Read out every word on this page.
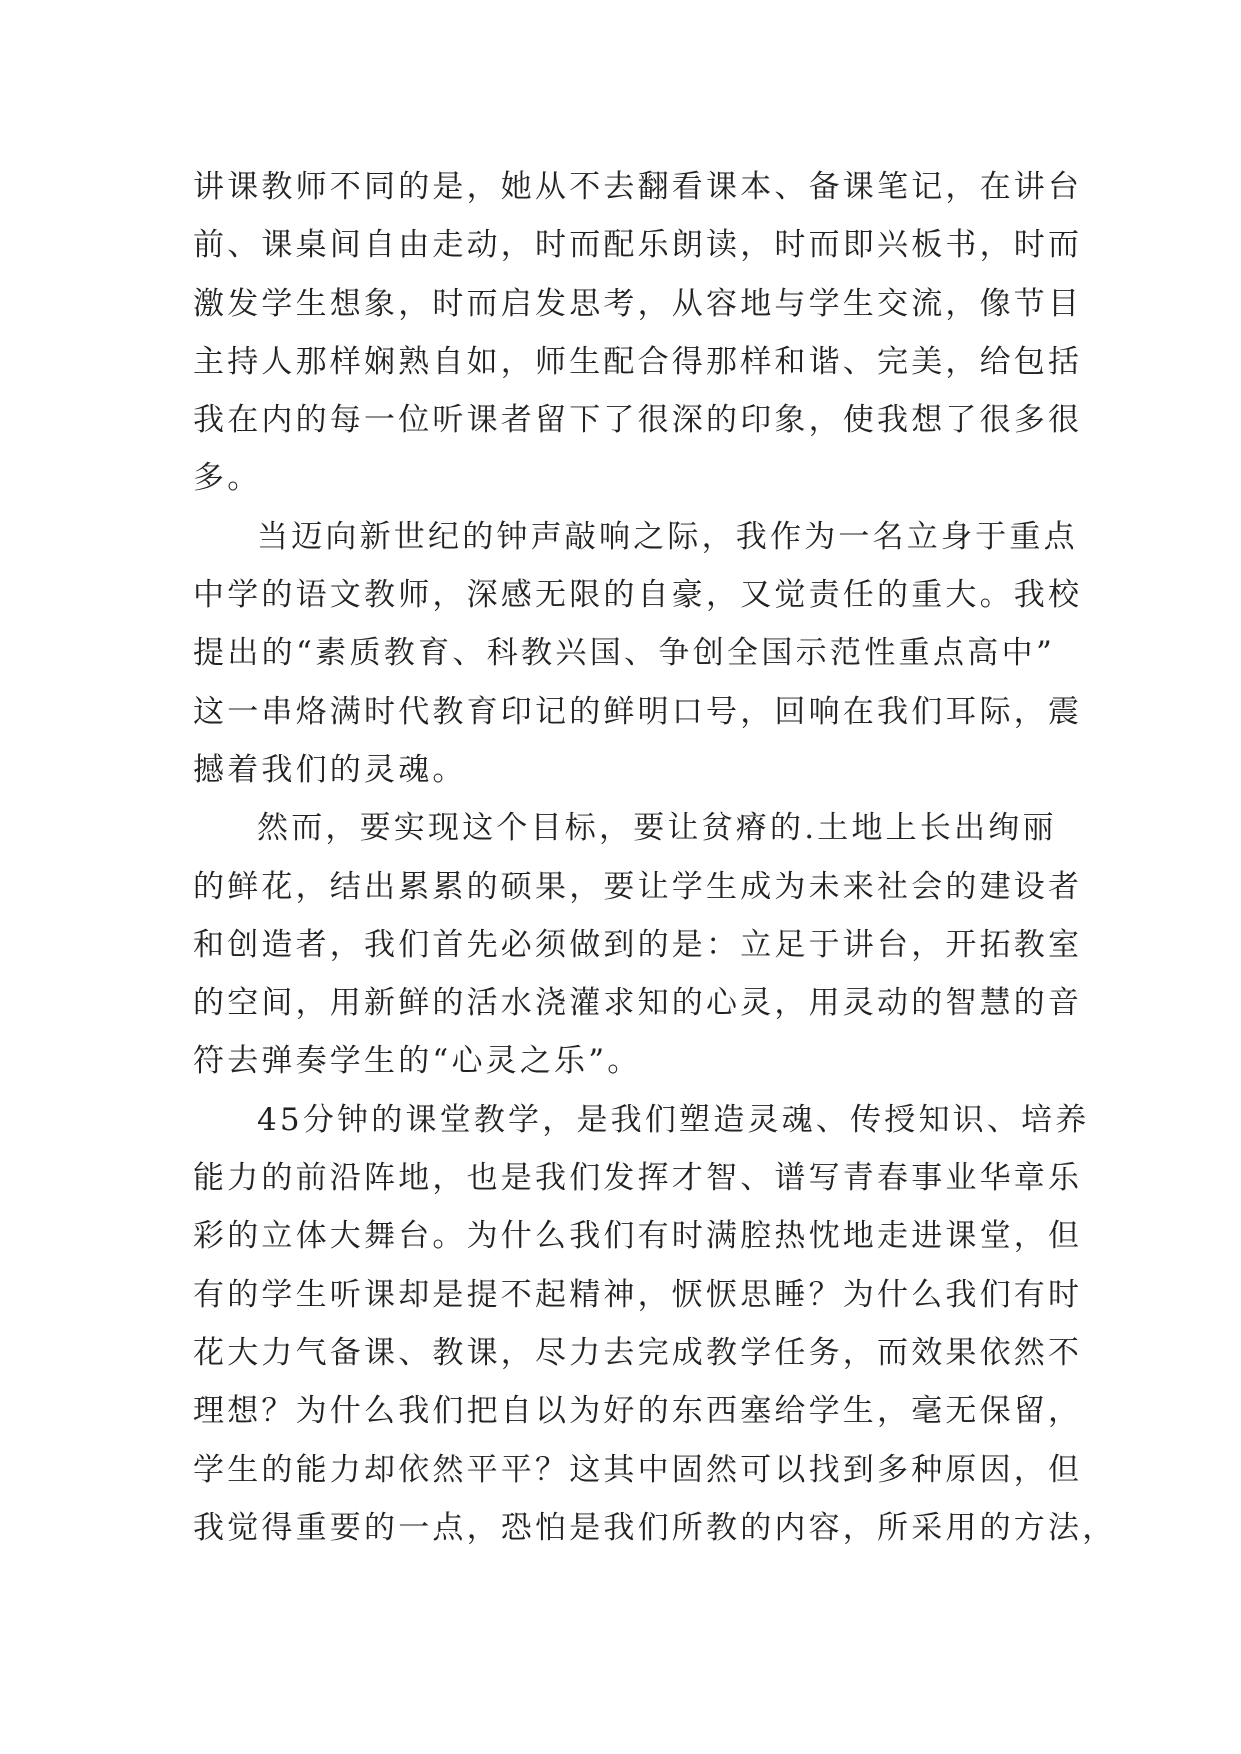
讲课教师不同的是，她从不去翻看课本、备课笔记，在讲台
前、课桌间自由走动，时而配乐朗读，时而即兴板书，时而
激发学生想象，时而启发思考，从容地与学生交流，像节目
主持人那样娴熟自如，师生配合得那样和谐、完美，给包括
我在内的每一位听课者留下了很深的印象，使我想了很多很
多。
当迈向新世纪的钟声敲响之际，我作为一名立身于重点
中学的语文教师，深感无限的自豪，又觉责任的重大。我校
提出的“素质教育、科教兴国、争创全国示范性重点高中”
这一串烙满时代教育印记的鲜明口号，回响在我们耳际，震
撼着我们的灵魂。
然而，要实现这个目标，要让贫瘠的.土地上长出绚丽
的鲜花，结出累累的硕果，要让学生成为未来社会的建设者
和创造者，我们首先必须做到的是：立足于讲台，开拓教室
的空间，用新鲜的活水浇灌求知的心灵，用灵动的智慧的音
符去弹奏学生的“心灵之乐”。
45分钟的课堂教学，是我们塑造灵魂、传授知识、培养
能力的前沿阵地，也是我们发挥才智、谱写青春事业华章乐
彩的立体大舞台。为什么我们有时满腔热忱地走进课堂，但
有的学生听课却是提不起精神，恹恹思睡？为什么我们有时
花大力气备课、教课，尽力去完成教学任务，而效果依然不
理想？为什么我们把自以为好的东西塞给学生，毫无保留，
学生的能力却依然平平？这其中固然可以找到多种原因，但
我觉得重要的一点，恐怕是我们所教的内容，所采用的方法，
